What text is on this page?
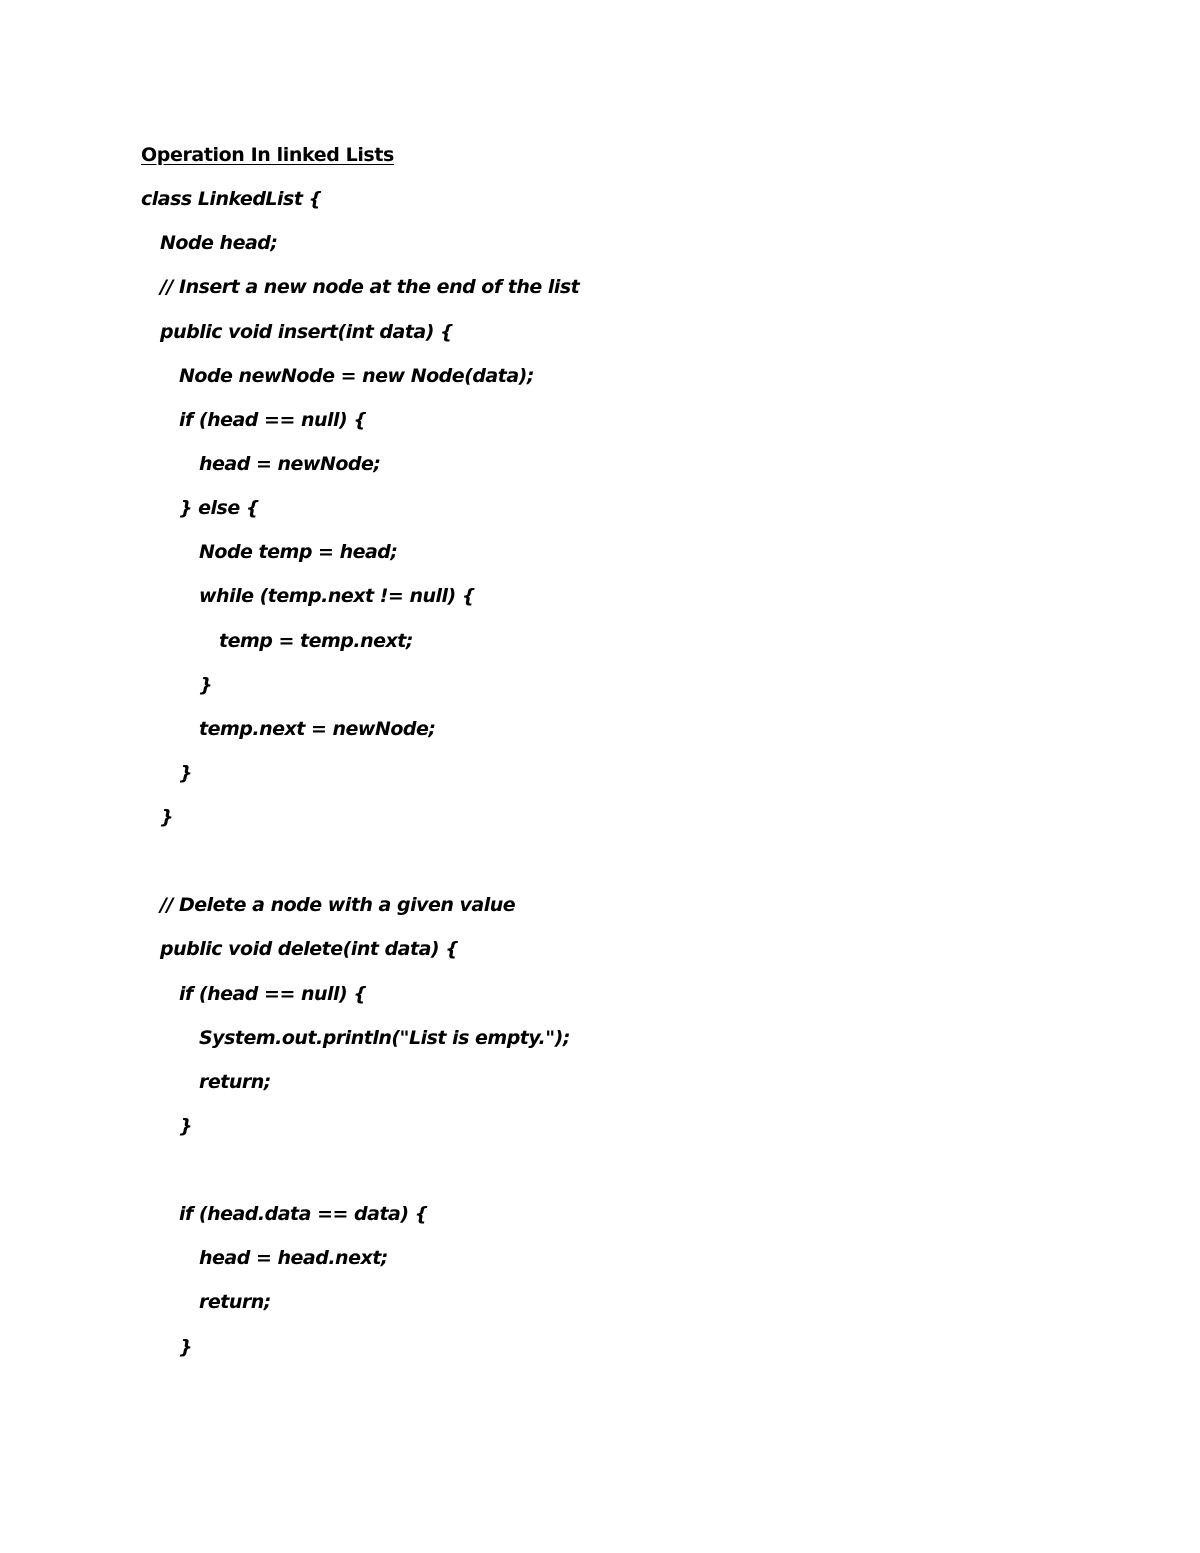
Operation In linked Lists
class LinkedList {
Node head;
// Insert a new node at the end of the list
public void insert(int data) {
Node newNode = new Node(data);
if (head == null) {
head = newNode;
} else {
Node temp = head;
while (temp.next != null) {
temp = temp.next;
}
temp.next = newNode;
}
}
// Delete a node with a given value
public void delete(int data) {
if (head == null) {
System.out.println("List is empty.");
return;
}
if (head.data == data) {
head = head.next;
return;
}
